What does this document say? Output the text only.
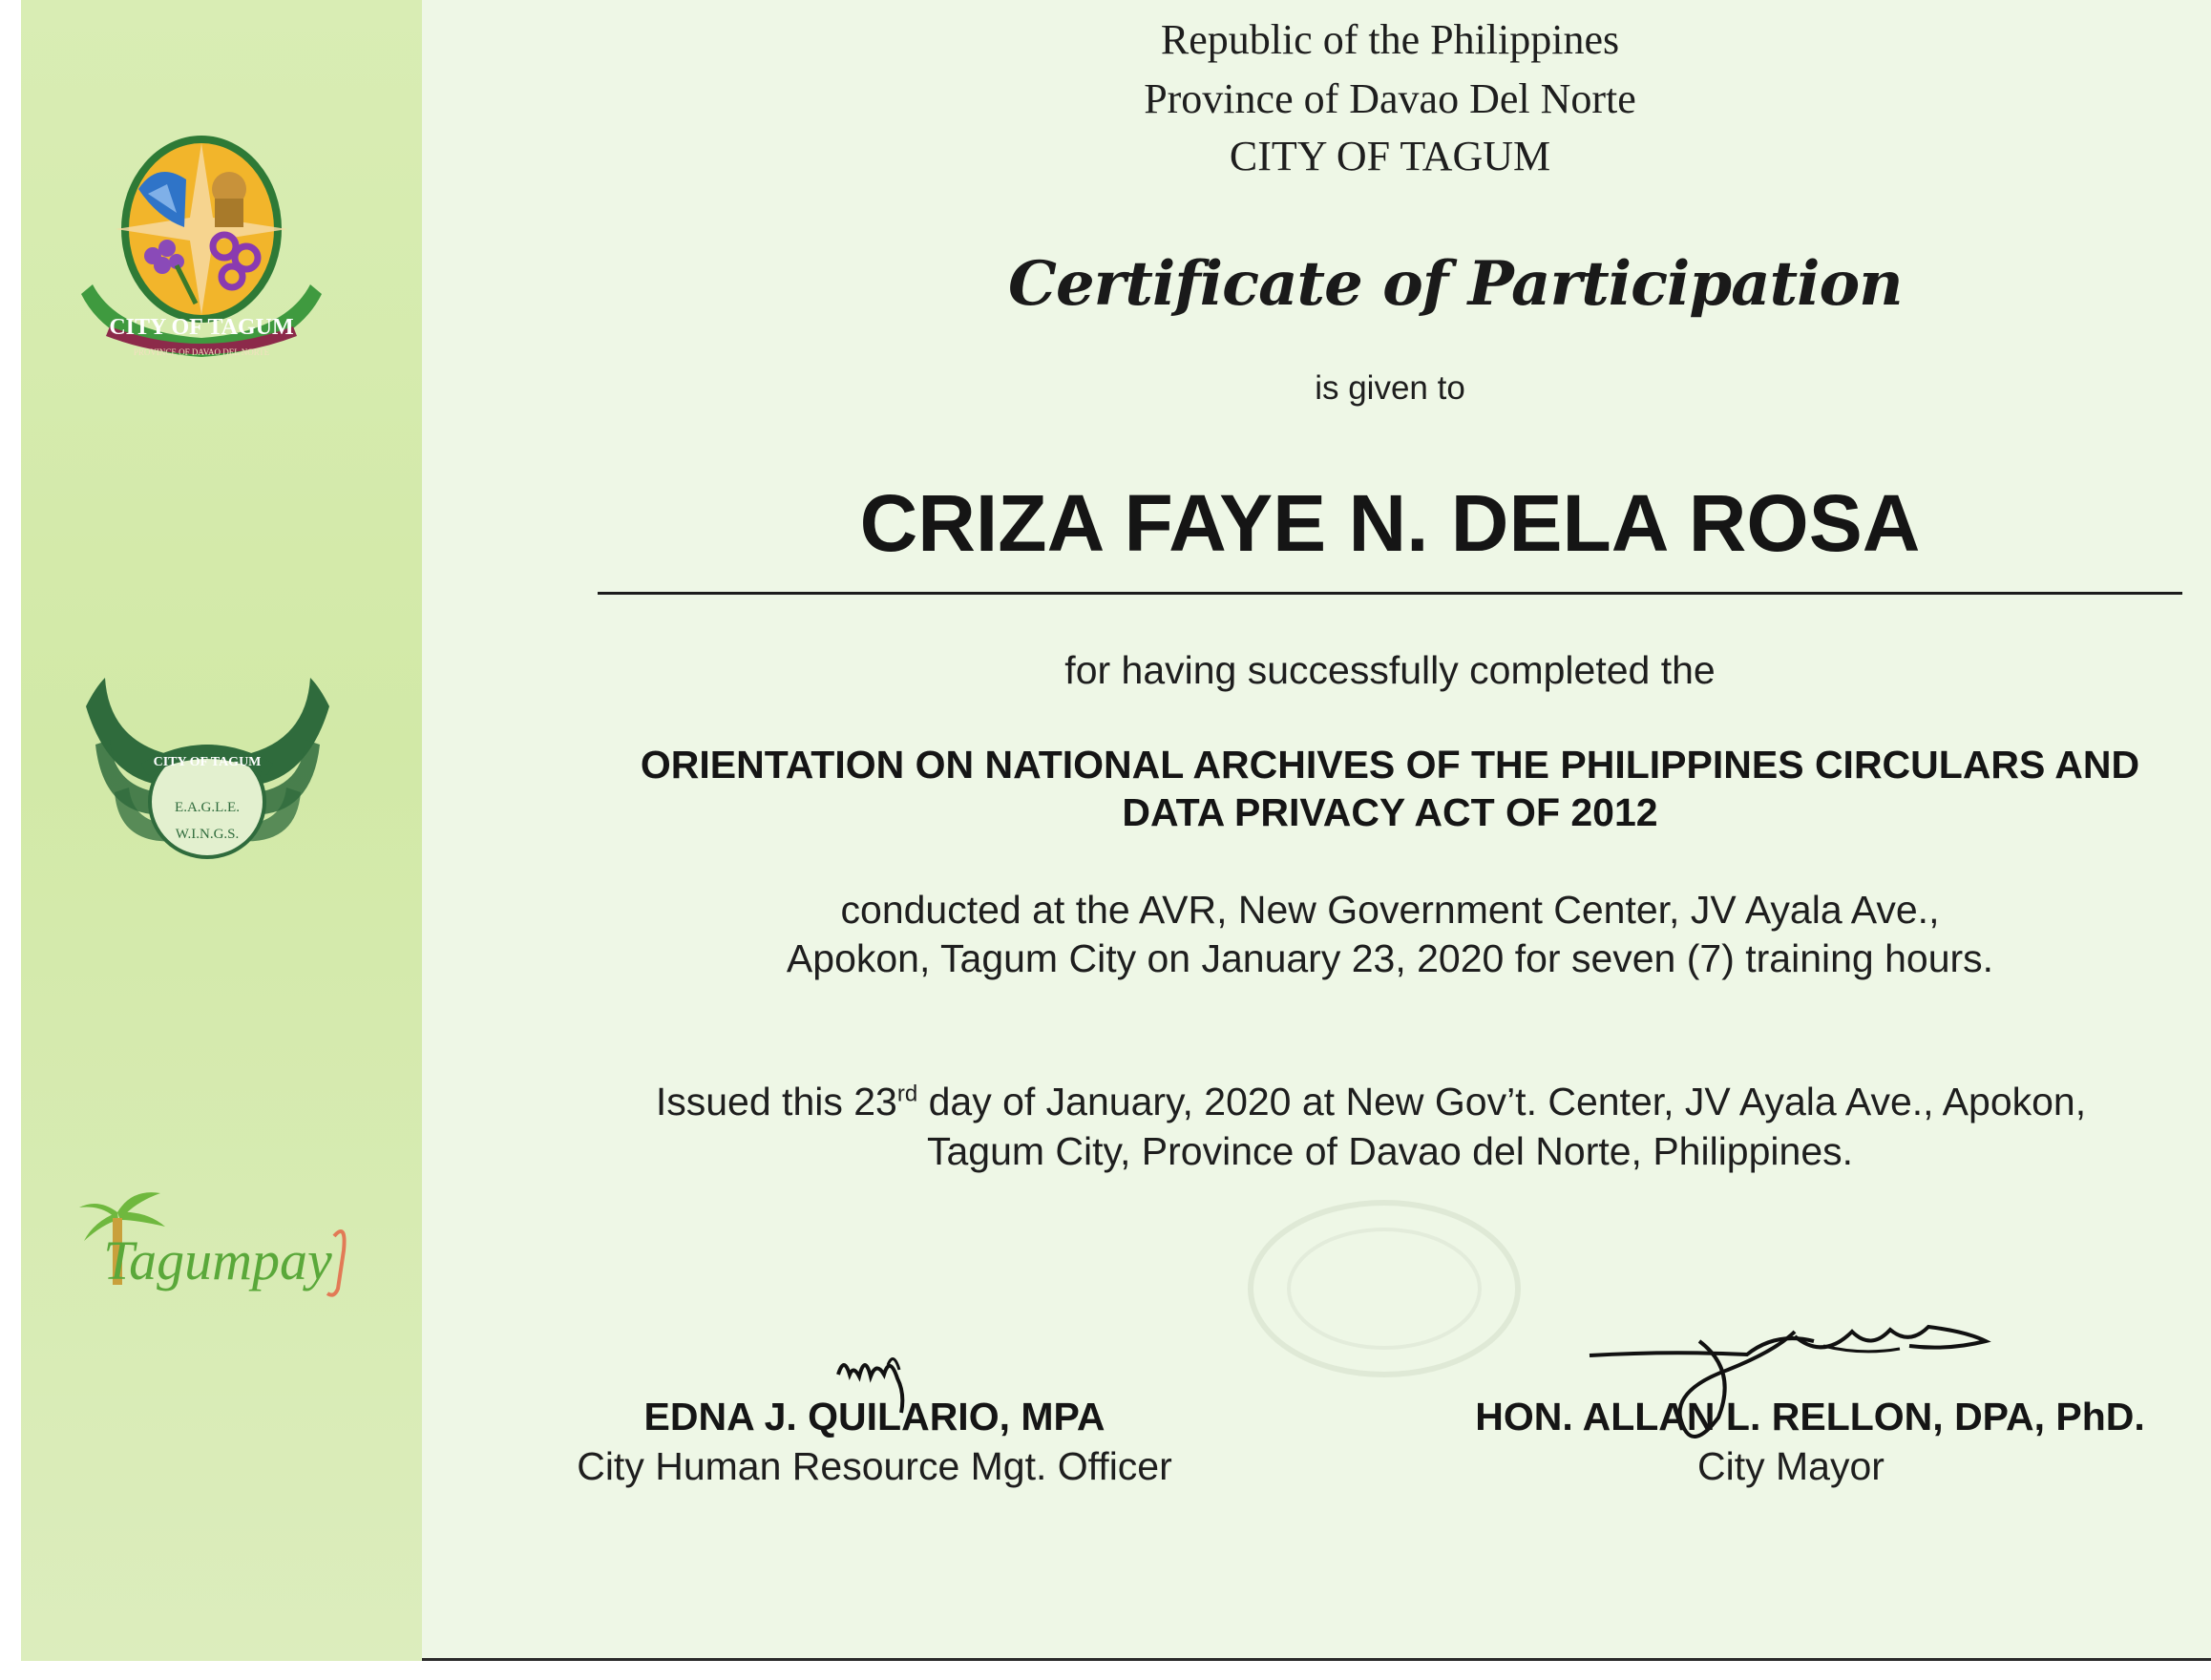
CITY OF TAGUM
PROVINCE OF DAVAO DEL NORTE
CITY OF TAGUM
E.A.G.L.E.
W.I.N.G.S.
Tagumpay
Republic of the Philippines
Province of Davao Del Norte
CITY OF TAGUM
Certificate of Participation
is given to
CRIZA FAYE N. DELA ROSA
for having successfully completed the
ORIENTATION ON NATIONAL ARCHIVES OF THE PHILIPPINES CIRCULARS AND
DATA PRIVACY ACT OF 2012
conducted at the AVR, New Government Center, JV Ayala Ave.,
Apokon, Tagum City on January 23, 2020 for seven (7) training hours.
Issued this 23rd day of January, 2020 at New Gov’t. Center, JV Ayala Ave., Apokon,
Tagum City, Province of Davao del Norte, Philippines.
EDNA J. QUILARIO, MPA
City Human Resource Mgt. Officer
HON. ALLAN L. RELLON, DPA, PhD.
City Mayor
